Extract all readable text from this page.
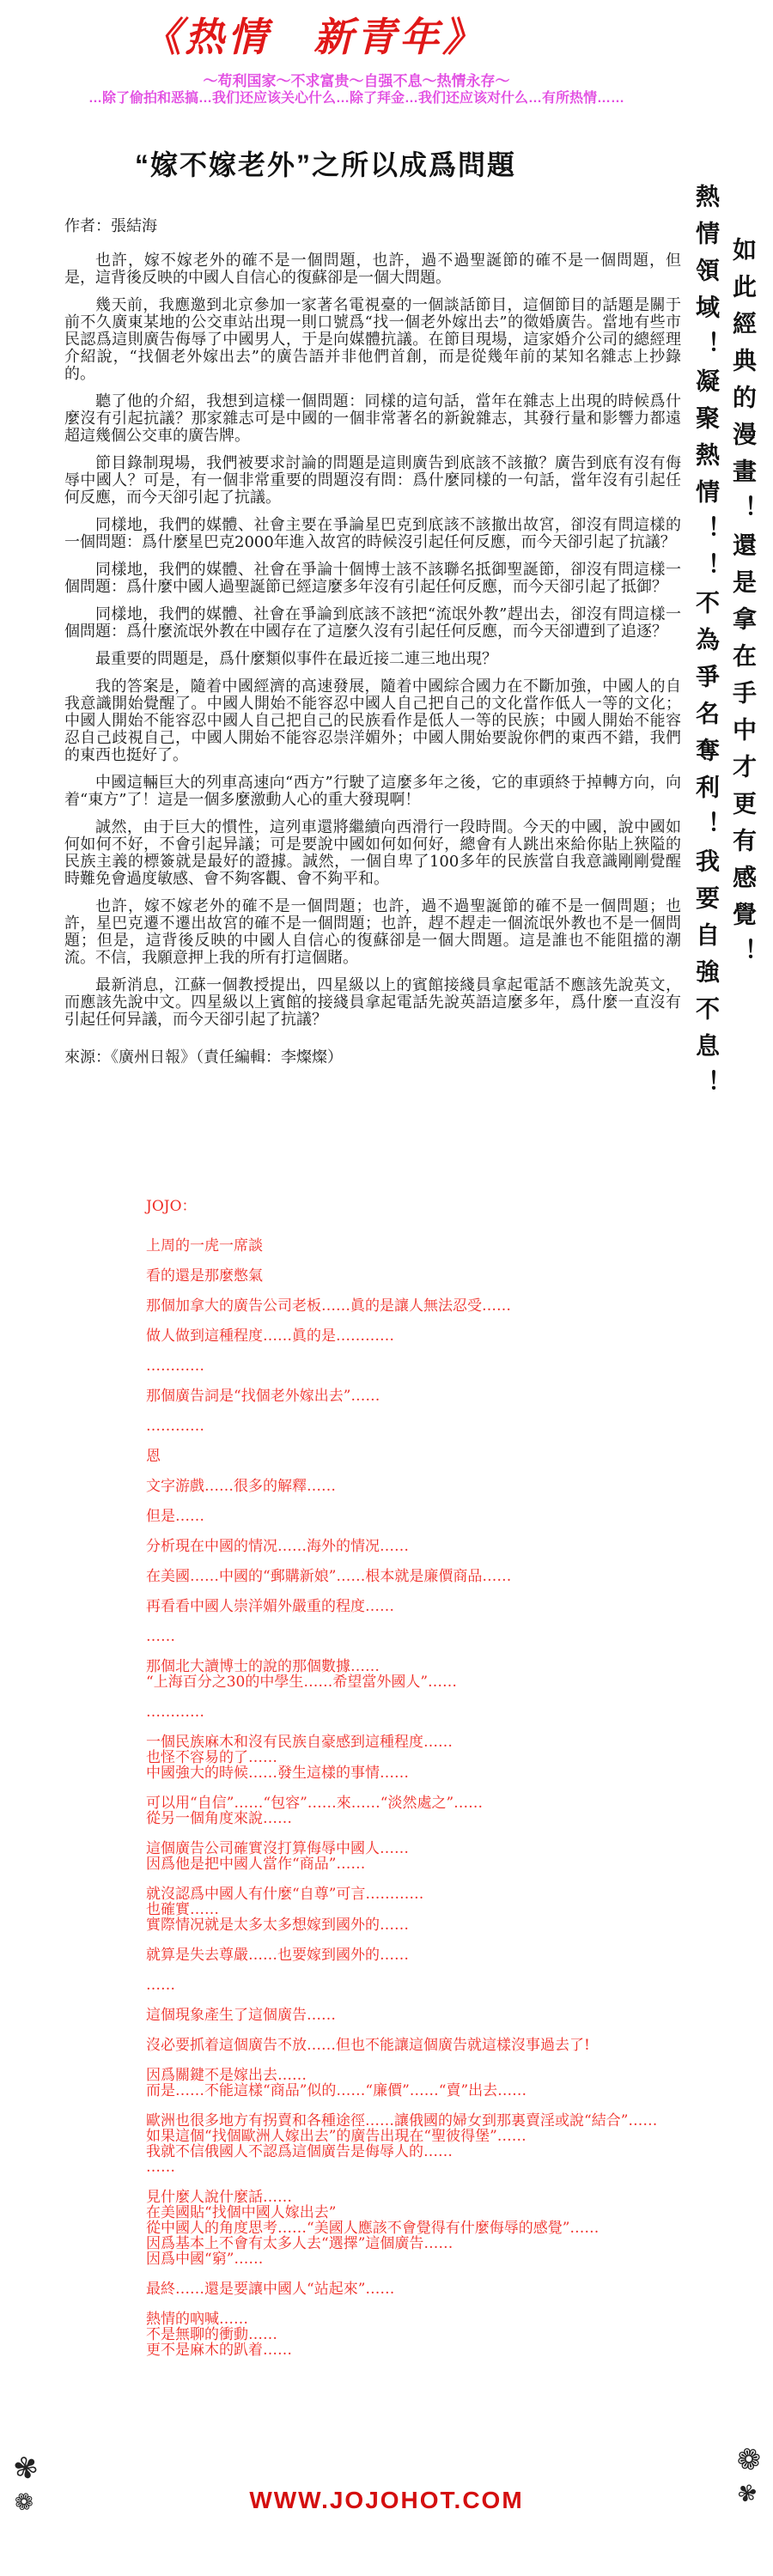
《热情　新青年》
～苟利国家～不求富贵～自强不息～热情永存～
…除了偷拍和恶搞…我们还应该关心什么…除了拜金…我们还应该对什么…有所热情……

如此經典的漫畫！還是拿在手中才更有感覺！

熱情領域！凝聚熱情！！不為爭名奪利！我要自強不息！

“嫁不嫁老外”之所以成爲問題
作者：張結海

也許，嫁不嫁老外的確不是一個問題，也許，過不過聖誕節的確不是一個問題，但是，這背後反映的中國人自信心的復蘇卻是一個大問題。

幾天前，我應邀到北京參加一家著名電視臺的一個談話節目，這個節目的話題是關于前不久廣東某地的公交車站出現一則口號爲“找一個老外嫁出去”的徵婚廣告。當地有些市民認爲這則廣告侮辱了中國男人，于是向媒體抗議。在節目現場，這家婚介公司的總經理介紹說，“找個老外嫁出去”的廣告語并非他們首創，而是從幾年前的某知名雜志上抄錄的。

聽了他的介紹，我想到這樣一個問題：同樣的這句話，當年在雜志上出現的時候爲什麼沒有引起抗議？那家雜志可是中國的一個非常著名的新銳雜志，其發行量和影響力都遠超這幾個公交車的廣告牌。

節目錄制現場，我們被要求討論的問題是這則廣告到底該不該撤？廣告到底有沒有侮辱中國人？可是，有一個非常重要的問題沒有問：爲什麼同樣的一句話，當年沒有引起任何反應，而今天卻引起了抗議。

同樣地，我們的媒體、社會主要在爭論星巴克到底該不該撤出故宮，卻沒有問這樣的一個問題：爲什麼星巴克2000年進入故宮的時候沒引起任何反應，而今天卻引起了抗議？

同樣地，我們的媒體、社會在爭論十個博士該不該聯名抵御聖誕節，卻沒有問這樣一個問題：爲什麼中國人過聖誕節已經這麼多年沒有引起任何反應，而今天卻引起了抵御？

同樣地，我們的媒體、社會在爭論到底該不該把“流氓外教”趕出去，卻沒有問這樣一個問題：爲什麼流氓外教在中國存在了這麼久沒有引起任何反應，而今天卻遭到了追逐？

最重要的問題是，爲什麼類似事件在最近接二連三地出現？

我的答案是，隨着中國經濟的高速發展，隨着中國綜合國力在不斷加強，中國人的自我意識開始覺醒了。中國人開始不能容忍中國人自己把自己的文化當作低人一等的文化；中國人開始不能容忍中國人自己把自己的民族看作是低人一等的民族；中國人開始不能容忍自己歧視自己，中國人開始不能容忍崇洋媚外；中國人開始要說你們的東西不錯，我們的東西也挺好了。

中國這輛巨大的列車高速向“西方”行駛了這麼多年之後，它的車頭終于掉轉方向，向着“東方”了！這是一個多麼激動人心的重大發現啊！

誠然，由于巨大的慣性，這列車還將繼續向西滑行一段時間。今天的中國，說中國如何如何不好，不會引起异議；可是要說中國如何如何好，總會有人跳出來給你貼上狹隘的民族主義的標簽就是最好的證據。誠然，一個自卑了100多年的民族當自我意識剛剛覺醒時難免會過度敏感、會不夠客觀、會不夠平和。

也許，嫁不嫁老外的確不是一個問題；也許，過不過聖誕節的確不是一個問題；也許，星巴克遷不遷出故宮的確不是一個問題；也許，趕不趕走一個流氓外教也不是一個問題；但是，這背後反映的中國人自信心的復蘇卻是一個大問題。這是誰也不能阻擋的潮流。不信，我願意押上我的所有打這個賭。

最新消息，江蘇一個教授提出，四星級以上的賓館接綫員拿起電話不應該先說英文，而應該先說中文。四星級以上賓館的接綫員拿起電話先說英語這麼多年，爲什麼一直沒有引起任何异議，而今天卻引起了抗議？

來源：《廣州日報》（責任編輯：李燦燦）
JOJO：
上周的一虎一席談
看的還是那麼憋氣
那個加拿大的廣告公司老板……眞的是讓人無法忍受……
做人做到這種程度……眞的是…………
…………
那個廣告詞是“找個老外嫁出去”……
…………
恩
文字游戲……很多的解釋……
但是……
分析現在中國的情况……海外的情况……
在美國……中國的“郵購新娘”……根本就是廉價商品……
再看看中國人崇洋媚外嚴重的程度……
……
那個北大讀博士的說的那個數據……
“上海百分之30的中學生……希望當外國人”……
…………
一個民族麻木和沒有民族自豪感到這種程度……
也怪不容易的了……
中國強大的時候……發生這樣的事情……
可以用“自信”……“包容”……來……“淡然處之”……
從另一個角度來說……
這個廣告公司確實沒打算侮辱中國人……
因爲他是把中國人當作“商品”……
就沒認爲中國人有什麼“自尊”可言…………
也確實……
實際情况就是太多太多想嫁到國外的……
就算是失去尊嚴……也要嫁到國外的……
……
這個現象產生了這個廣告……
沒必要抓着這個廣告不放……但也不能讓這個廣告就這樣沒事過去了!
因爲關鍵不是嫁出去……
而是……不能這樣“商品”似的……“廉價”……“賣”出去……
歐洲也很多地方有拐賣和各種途徑……讓俄國的婦女到那裏賣淫或說“結合”……
如果這個“找個歐洲人嫁出去”的廣告出現在“聖彼得堡”……
我就不信俄國人不認爲這個廣告是侮辱人的……
……
見什麼人說什麼話……
在美國貼“找個中國人嫁出去”
從中國人的角度思考……“美國人應該不會覺得有什麼侮辱的感覺”……
因爲基本上不會有太多人去“選擇”這個廣告……
因爲中國“窮”……
最終……還是要讓中國人“站起來”……
熱情的吶喊……
不是無聊的衝動……
更不是麻木的趴着……
✾
❁
❁
✾
WWW.JOJOHOT.COM
